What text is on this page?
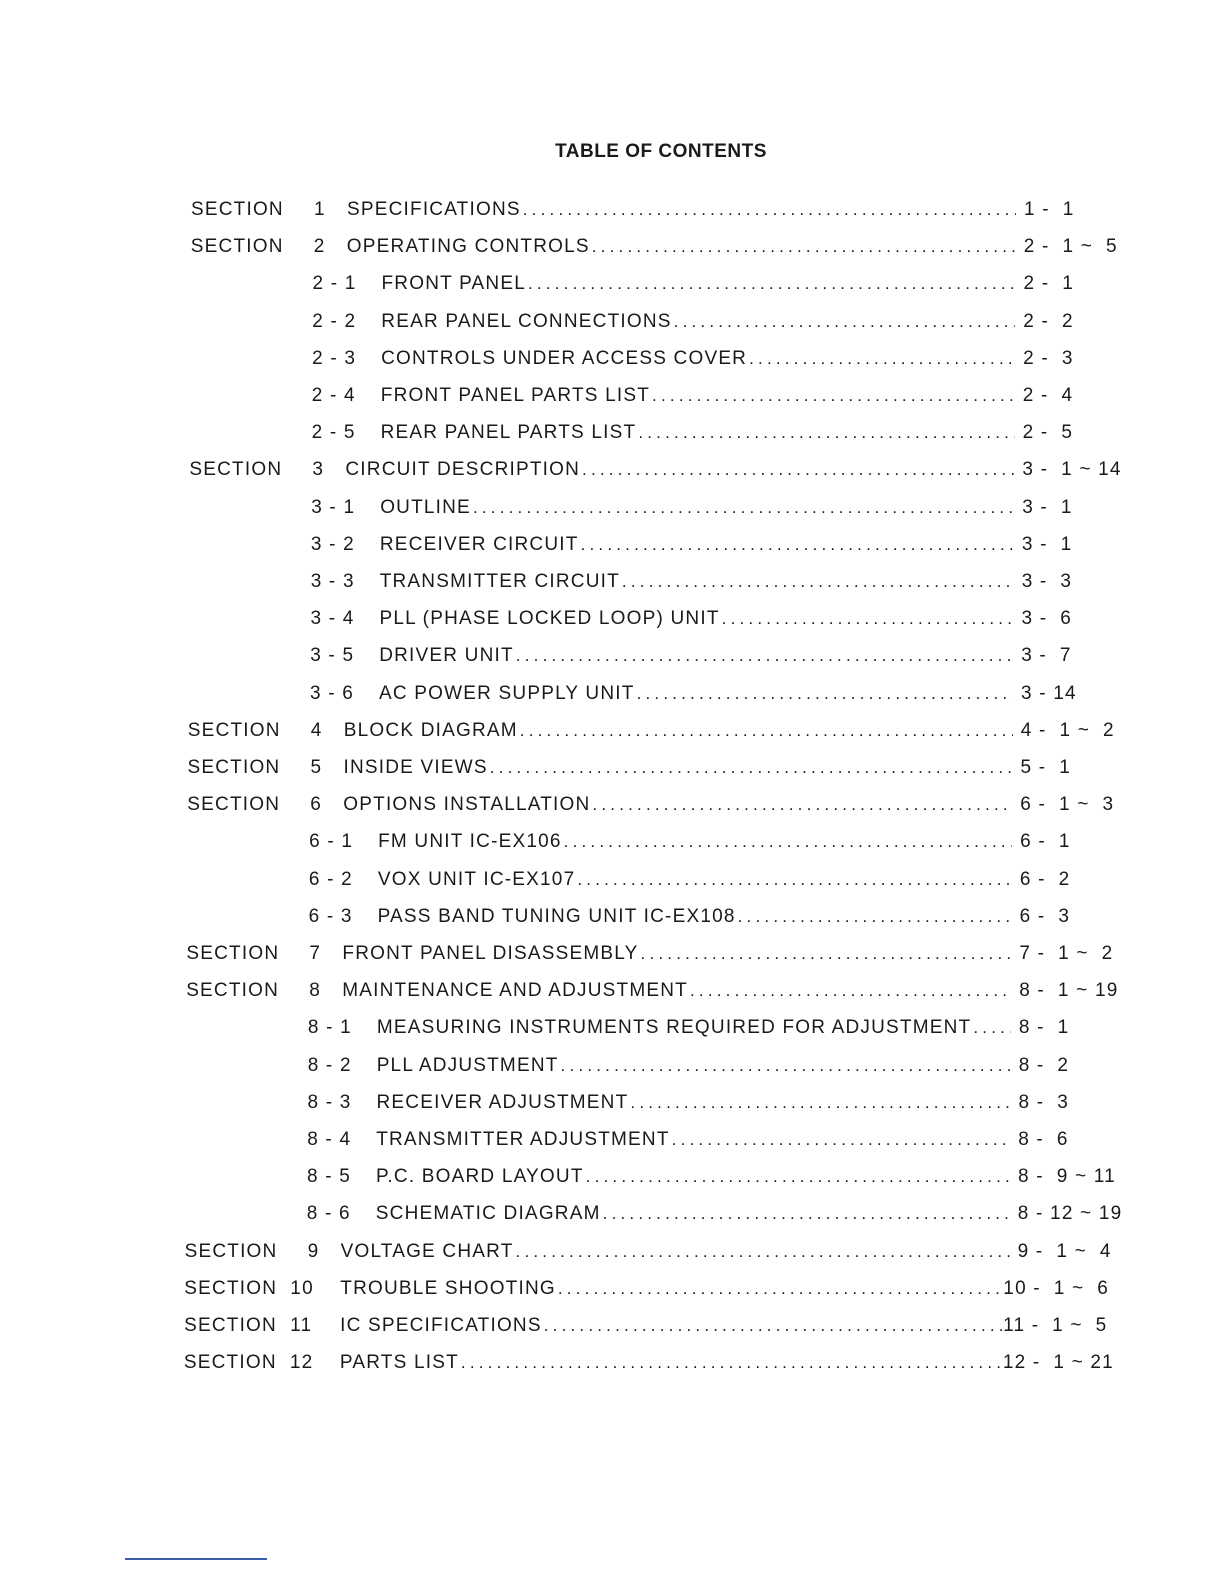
TABLE OF CONTENTS
SECTION 1 SPECIFICATIONS .....	1 -  1
SECTION 2 OPERATING CONTROLS .....	2 -  1 ~  5
2 - 1 FRONT PANEL .....	2 -  1
2 - 2 REAR PANEL CONNECTIONS .....	2 -  2
2 - 3 CONTROLS UNDER ACCESS COVER .....	2 -  3
2 - 4 FRONT PANEL PARTS LIST .....	2 -  4
2 - 5 REAR PANEL PARTS LIST .....	2 -  5
SECTION 3 CIRCUIT DESCRIPTION .....	3 -  1 ~ 14
3 - 1 OUTLINE .....	3 -  1
3 - 2 RECEIVER CIRCUIT .....	3 -  1
3 - 3 TRANSMITTER CIRCUIT .....	3 -  3
3 - 4 PLL (PHASE LOCKED LOOP) UNIT .....	3 -  6
3 - 5 DRIVER UNIT .....	3 -  7
3 - 6 AC POWER SUPPLY UNIT .....	3 - 14
SECTION 4 BLOCK DIAGRAM .....	4 -  1 ~  2
SECTION 5 INSIDE VIEWS .....	5 -  1
SECTION 6 OPTIONS INSTALLATION .....	6 -  1 ~  3
6 - 1 FM UNIT IC-EX106 .....	6 -  1
6 - 2 VOX UNIT IC-EX107 .....	6 -  2
6 - 3 PASS BAND TUNING UNIT IC-EX108 .....	6 -  3
SECTION 7 FRONT PANEL DISASSEMBLY .....	7 -  1 ~  2
SECTION 8 MAINTENANCE AND ADJUSTMENT .....	8 -  1 ~ 19
8 - 1 MEASURING INSTRUMENTS REQUIRED FOR ADJUSTMENT .....	8 -  1
8 - 2 PLL ADJUSTMENT .....	8 -  2
8 - 3 RECEIVER ADJUSTMENT .....	8 -  3
8 - 4 TRANSMITTER ADJUSTMENT .....	8 -  6
8 - 5 P.C. BOARD LAYOUT .....	8 -  9 ~ 11
8 - 6 SCHEMATIC DIAGRAM .....	8 - 12 ~ 19
SECTION 9 VOLTAGE CHART .....	9 -  1 ~  4
SECTION 10 TROUBLE SHOOTING .....	10 -  1 ~  6
SECTION 11 IC SPECIFICATIONS .....	11 -  1 ~  5
SECTION 12 PARTS LIST .....	12 -  1 ~ 21
